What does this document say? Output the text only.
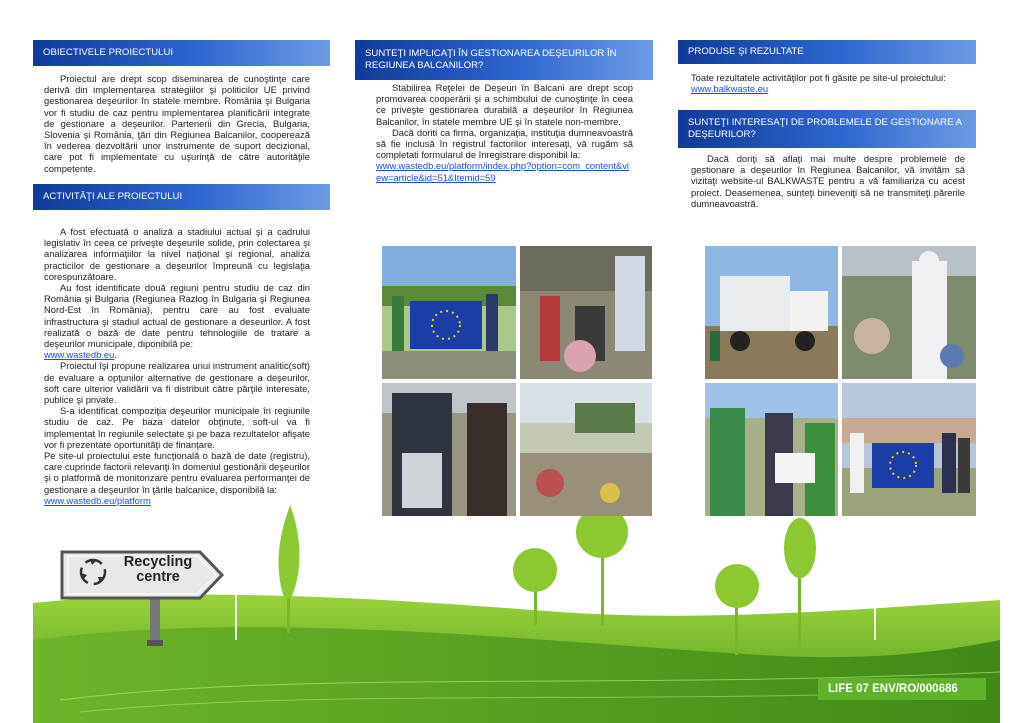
Recycling centre
LIFE 07 ENV/RO/000686
OBIECTIVELE PROIECTULUI

Proiectul are drept scop diseminarea de cunoştinţe care derivă din implementarea strategiilor şi politicilor UE privind gestionarea deşeurilor în statele membre. România şi Bulgaria vor fi studiu de caz pentru implementarea planificării integrate de gestionare a deşeurilor. Partenerii din Grecia, Bulgaria, Slovenia şi România, ţări din Regiunea Balcanilor, cooperează în vederea dezvoltării unor instrumente de suport decizional, care pot fi implementate cu uşurinţă de către autorităţile competente.

ACTIVITĂŢI ALE PROIECTULUI

A fost efectuată o analiză a stadiului actual şi a cadrului legislativ în ceea ce priveşte deşeurile solide, prin colectarea şi analizarea informaţiilor la nivel naţional şi regional, analiza practicilor de gestionare a deşeurilor împreună cu legislaţia corespunzătoare.

Au fost identificate două regiuni pentru studiu de caz din România şi Bulgaria (Regiunea Razlog în Bulgaria şi Regiunea Nord-Est în România), pentru care au fost evaluate infrastructura şi stadiul actual de gestionare a deseurilor. A fost realizată o bază de date pentru tehnologiile de tratare a deşeurilor municipale, diponibilă pe:

www.wastedb.eu.

Proiectul îşi propune realizarea unui instrument analitic(soft) de evaluare a opţunilor alternative de gestionare a deşeurilor, soft care ulterior validării va fi distribuit către părţile interesate, publice şi private.

S-a identificat compoziţia deşeurilor municipale în regiunile studiu de caz. Pe baza datelor obţinute, soft-ul va fi implementat în regiunile selectate şi pe baza rezultatelor afişate vor fi prezentate oportunităţi de finanţare.

Pe site-ul proiectului este funcţională o bază de date (registru), care cuprinde factorii relevanţi în domeniul gestionării deşeurilor şi o platformă de monitorizare pentru evaluarea performanţei de gestionare a deşeurilor în ţările balcanice, disponibilă la:

www.wastedb.eu/platform

SUNTEŢI IMPLICAŢI ÎN GESTIONAREA DEŞEURILOR ÎN REGIUNEA BALCANILOR?

Stabilirea Reţelei de Deşeuri în Balcani are drept scop promovarea cooperării şi a schimbului de cunoştinţe în ceea ce priveşte gestionarea durabilă a deşeurilor în Regiunea Balcanilor, în statele membre UE şi în statele non-membre.

Dacă doriti ca firma, organizaţia, instituţia dumneavoastră să fie inclusă în registrul factorilor interesaţi, vă rugăm să completati formularul de înregistrare disponibil la:

www.wastedb.eu/platform/index.php?option=com_content&view=article&id=51&Itemid=59

PRODUSE ŞI REZULTATE

Toate rezultatele activităţilor pot fi găsite pe site-ul proiectului:

www.balkwaste.eu

SUNTEŢI INTERESAŢI DE PROBLEMELE DE GESTIONARE A DEŞEURILOR?

Dacă doriţi să aflaţi mai multe despre problemele de gestionare a deşeurilor în Regiunea Balcanilor, vă invităm să vizitaţi website-ul BALKWASTE pentru a vă familiariza cu acest proiect. Deasemenea, sunteţi bineveniţi să ne transmiteţi părerile dumneavoastră.
